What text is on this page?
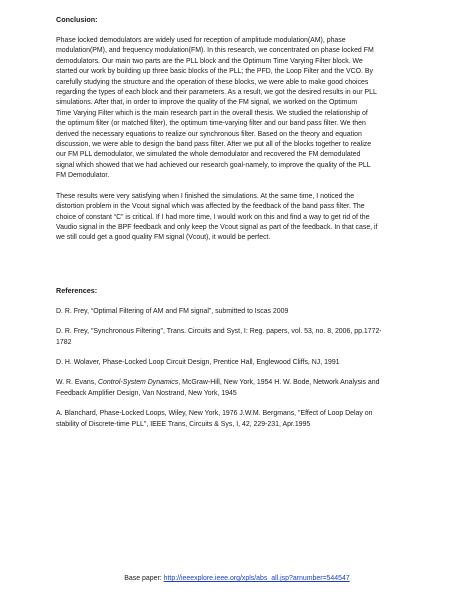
Conclusion:

Phase locked demodulators are widely used for reception of amplitude modulation(AM), phase
modulation(PM), and frequency modulation(FM). In this research, we concentrated on phase locked FM
demodulators. Our main two parts are the PLL block and the Optimum Time Varying Filter block. We
started our work by building up three basic blocks of the PLL; the PFD, the Loop Filter and the VCO. By
carefully studying the structure and the operation of these blocks, we were able to make good choices
regarding the types of each block and their parameters. As a result, we got the desired results in our PLL
simulations. After that, in order to improve the quality of the FM signal, we worked on the Optimum
Time Varying Filter which is the main research part in the overall thesis. We studied the relationship of
the optimum filter (or matched filter), the optimum time-varying filter and our band pass filter. We then
derived the necessary equations to realize our synchronous filter. Based on the theory and equation
discussion, we were able to design the band pass filter. After we put all of the blocks together to realize
our FM PLL demodulator, we simulated the whole demodulator and recovered the FM demodulated
signal which showed that we had achieved our research goal-namely, to improve the quality of the PLL
FM Demodulator.

These results were very satisfying when I finished the simulations. At the same time, I noticed the
distortion problem in the Vcout signal which was affected by the feedback of the band pass filter. The
choice of constant “C” is critical. If I had more time, I would work on this and find a way to get rid of the
Vaudio signal in the BPF feedback and only keep the Vcout signal as part of the feedback. In that case, if
we still could get a good quality FM signal (Vcout), it would be perfect.

References:

D. R. Frey, “Optimal Filtering of AM and FM signal”, submitted to Iscas 2009

D. R. Frey, "Synchronous Filtering", Trans. Circuits and Syst, I: Reg. papers, vol. 53, no. 8, 2006, pp.1772-
1782

D. H. Wolaver, Phase-Locked Loop Circuit Design, Prentice Hall, Englewood Cliffs, NJ, 1991

W. R. Evans, Control-System Dynamics, McGraw-Hill, New York, 1954 H. W. Bode, Network Analysis and
Feedback Amplifier Design, Van Nostrand, New York, 1945

A. Blanchard, Phase-Locked Loops, Wiley, New York, 1976 J.W.M. Bergmans, "Effect of Loop Delay on
stability of Discrete-time PLL", IEEE Trans, Circuits & Sys, I, 42, 229-231, Apr.1995

Base paper: http://ieeexplore.ieee.org/xpls/abs_all.jsp?arnumber=544547
